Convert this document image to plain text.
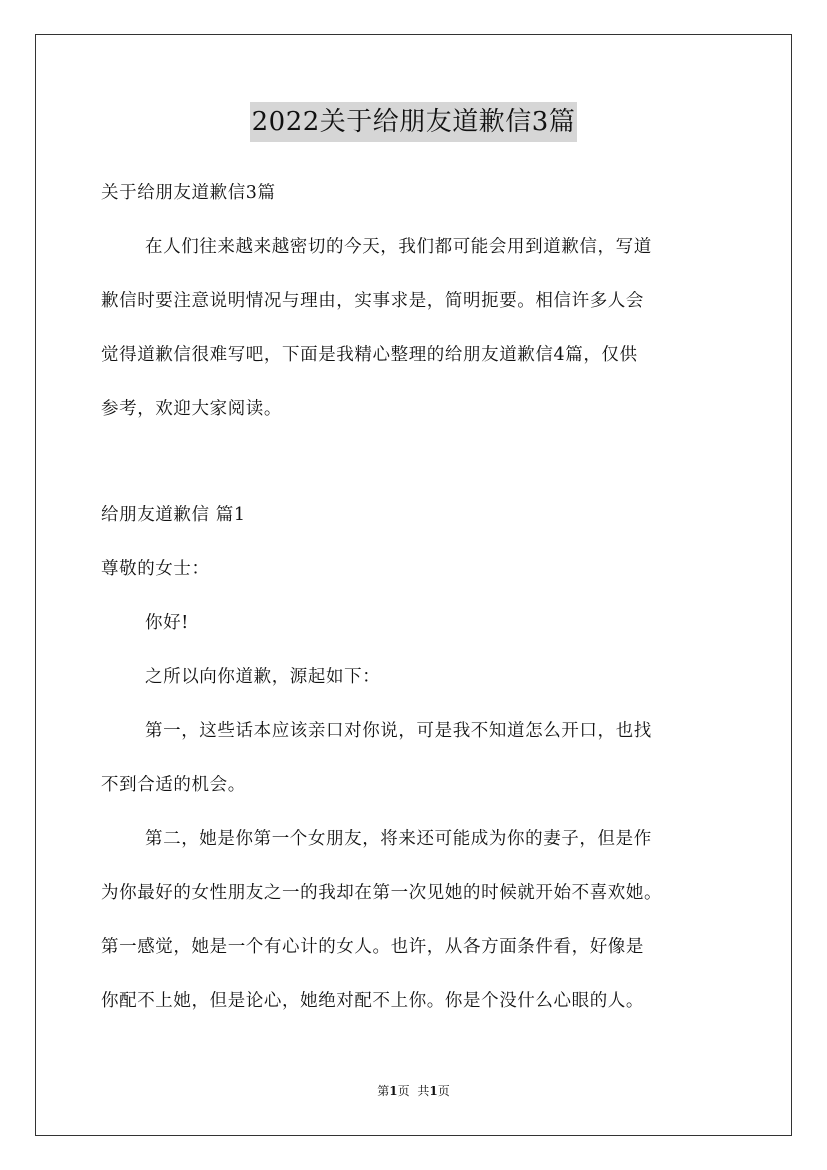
2022关于给朋友道歉信3篇

关于给朋友道歉信3篇

在人们往来越来越密切的今天，我们都可能会用到道歉信，写道

歉信时要注意说明情况与理由，实事求是，简明扼要。相信许多人会

觉得道歉信很难写吧，下面是我精心整理的给朋友道歉信4篇，仅供

参考，欢迎大家阅读。

给朋友道歉信 篇1

尊敬的女士：

你好!

之所以向你道歉，源起如下：

第一，这些话本应该亲口对你说，可是我不知道怎么开口，也找

不到合适的机会。

第二，她是你第一个女朋友，将来还可能成为你的妻子，但是作

为你最好的女性朋友之一的我却在第一次见她的时候就开始不喜欢她。

第一感觉，她是一个有心计的女人。也许，从各方面条件看，好像是

你配不上她，但是论心，她绝对配不上你。你是个没什么心眼的人。

第1页 共1页
